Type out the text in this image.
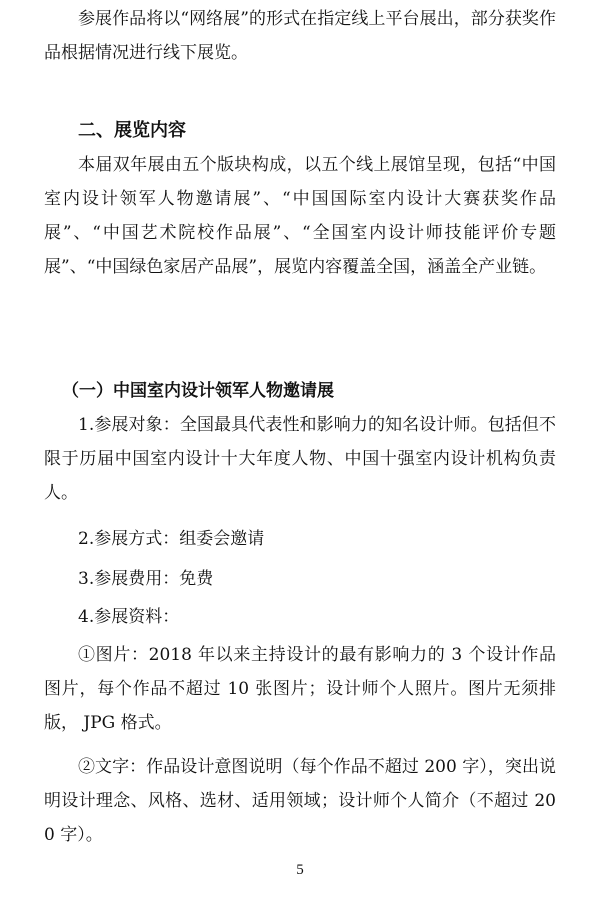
参展作品将以“网络展”的形式在指定线上平台展出，部分获奖作品根据情况进行线下展览。

二、展览内容

本届双年展由五个版块构成，以五个线上展馆呈现，包括“中国室内设计领军人物邀请展”、“中国国际室内设计大赛获奖作品展”、“中国艺术院校作品展”、“全国室内设计师技能评价专题展”、“中国绿色家居产品展”，展览内容覆盖全国，涵盖全产业链。

（一）中国室内设计领军人物邀请展

1.参展对象：全国最具代表性和影响力的知名设计师。包括但不限于历届中国室内设计十大年度人物、中国十强室内设计机构负责人。

2.参展方式：组委会邀请

3.参展费用：免费

4.参展资料：

①图片：2018 年以来主持设计的最有影响力的 3 个设计作品图片，每个作品不超过 10 张图片；设计师个人照片。图片无须排版， JPG 格式。

②文字：作品设计意图说明（每个作品不超过 200 字），突出说明设计理念、风格、选材、适用领域；设计师个人简介（不超过 200 字）。

5
